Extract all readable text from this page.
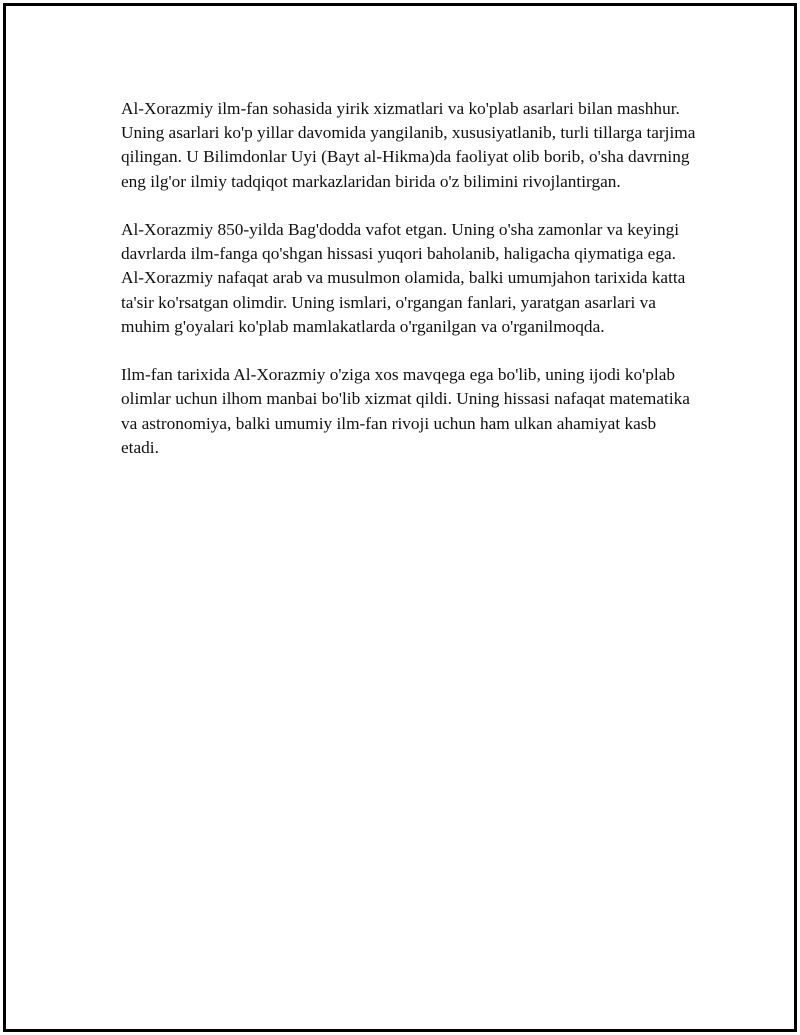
Al-Xorazmiy ilm-fan sohasida yirik xizmatlari va ko'plab asarlari bilan mashhur. Uning asarlari ko'p yillar davomida yangilanib, xususiyatlanib, turli tillarga tarjima qilingan. U Bilimdonlar Uyi (Bayt al-Hikma)da faoliyat olib borib, o'sha davrning eng ilg'or ilmiy tadqiqot markazlaridan birida o'z bilimini rivojlantirgan.

Al-Xorazmiy 850-yilda Bag'dodda vafot etgan. Uning o'sha zamonlar va keyingi davrlarda ilm-fanga qo'shgan hissasi yuqori baholanib, haligacha qiymatiga ega. Al-Xorazmiy nafaqat arab va musulmon olamida, balki umumjahon tarixida katta ta'sir ko'rsatgan olimdir. Uning ismlari, o'rgangan fanlari, yaratgan asarlari va muhim g'oyalari ko'plab mamlakatlarda o'rganilgan va o'rganilmoqda.

Ilm-fan tarixida Al-Xorazmiy o'ziga xos mavqega ega bo'lib, uning ijodi ko'plab olimlar uchun ilhom manbai bo'lib xizmat qildi. Uning hissasi nafaqat matematika va astronomiya, balki umumiy ilm-fan rivoji uchun ham ulkan ahamiyat kasb etadi.
